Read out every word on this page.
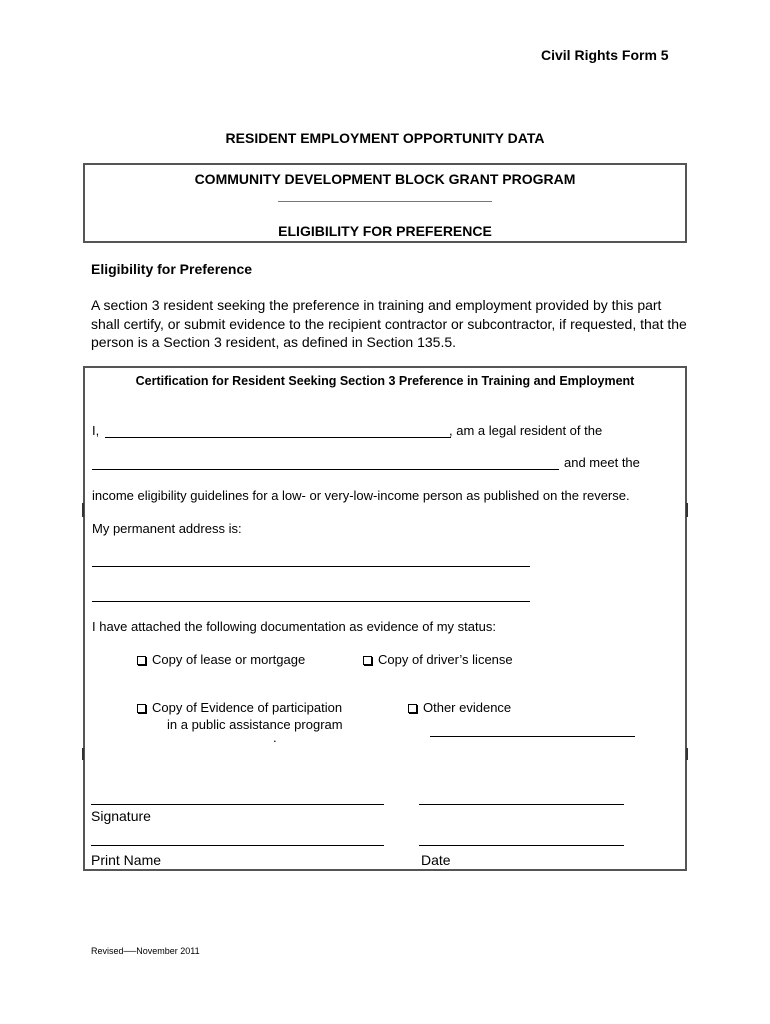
Civil Rights Form 5
RESIDENT EMPLOYMENT OPPORTUNITY DATA
COMMUNITY DEVELOPMENT BLOCK GRANT PROGRAM
ELIGIBILITY FOR PREFERENCE
Eligibility for Preference
A section 3 resident seeking the preference in training and employment provided by this part shall certify, or submit evidence to the recipient contractor or subcontractor, if requested, that the person is a Section 3 resident, as defined in Section 135.5.
Certification for Resident Seeking Section 3 Preference in Training and Employment
I,	, am a legal resident of the
and meet the
income eligibility guidelines for a low- or very-low-income person as published on the reverse.
My permanent address is:
I have attached the following documentation as evidence of my status:
Copy of lease or mortgage	Copy of driver’s license
Copy of Evidence of participation
in a public assistance program
.
Other evidence
Signature
Print Name	Date
Revised──November 2011
